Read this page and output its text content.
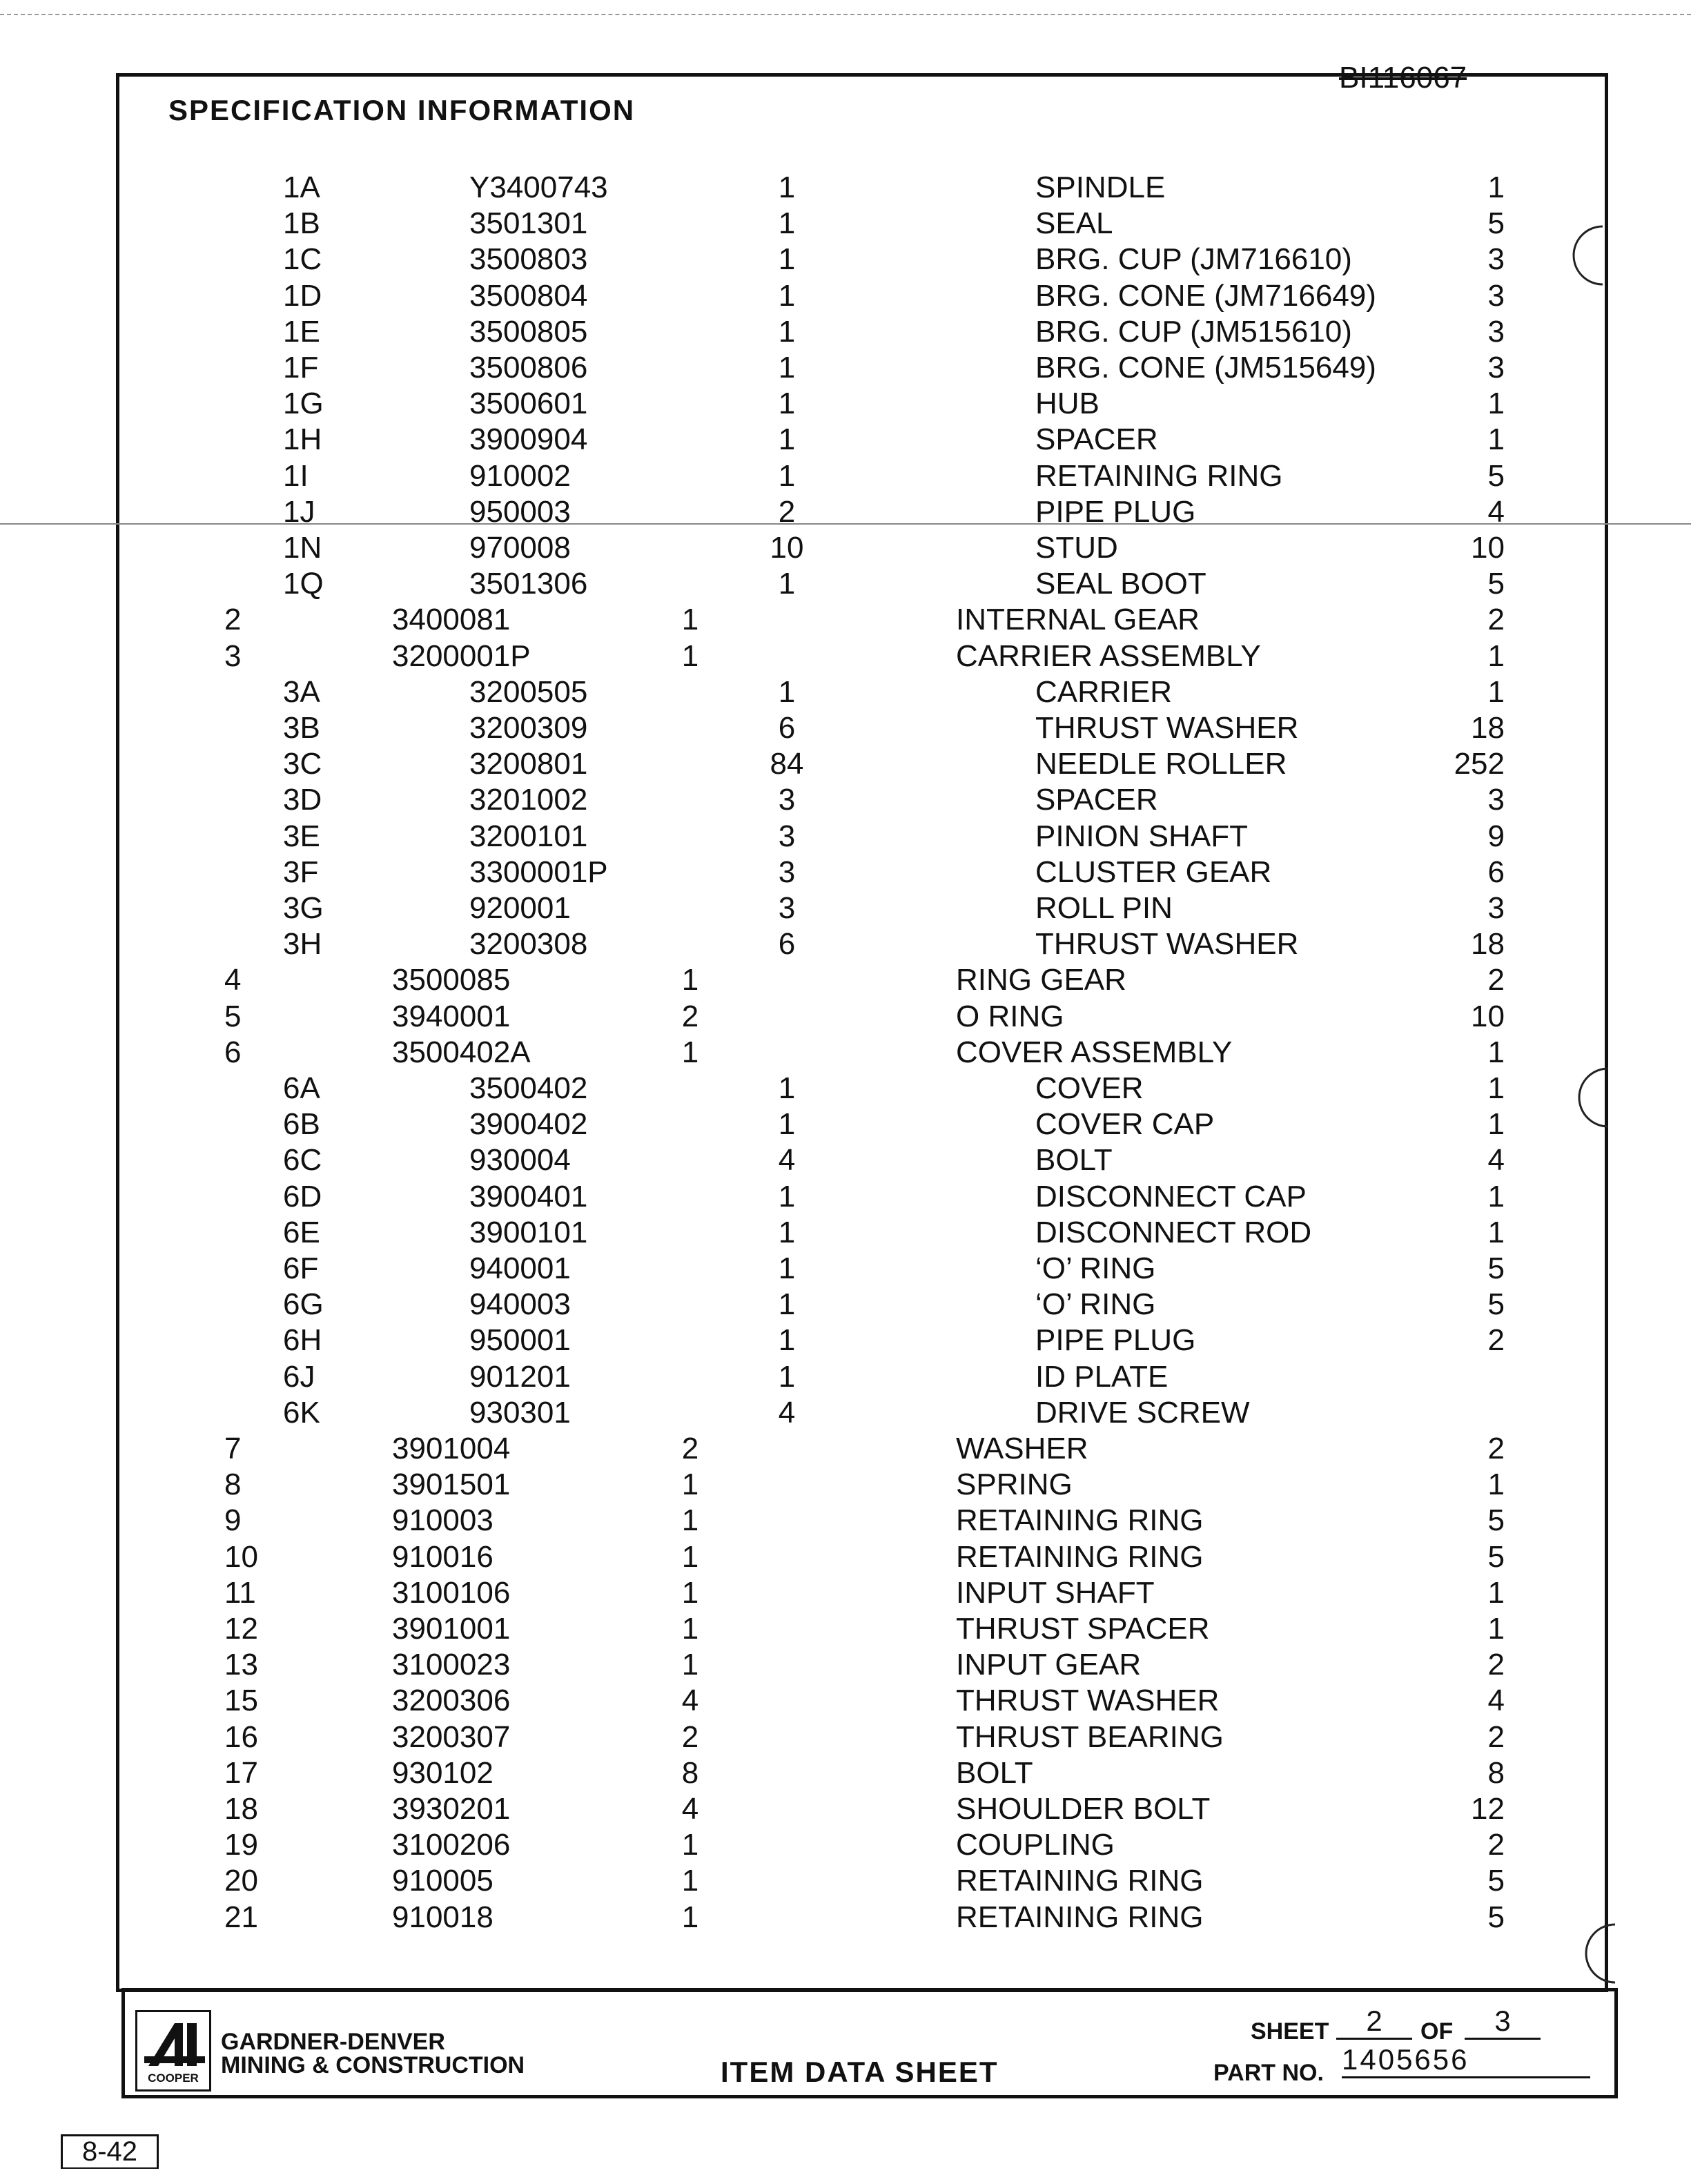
BI116067
SPECIFICATION INFORMATION
1A	Y3400743	1	SPINDLE	1
1B	3501301	1	SEAL	5
1C	3500803	1	BRG. CUP (JM716610)	3
1D	3500804	1	BRG. CONE (JM716649)	3
1E	3500805	1	BRG. CUP (JM515610)	3
1F	3500806	1	BRG. CONE (JM515649)	3
1G	3500601	1	HUB	1
1H	3900904	1	SPACER	1
1I	910002	1	RETAINING RING	5
1J	950003	2	PIPE PLUG	4
1N	970008	10	STUD	10
1Q	3501306	1	SEAL BOOT	5
2	3400081	1	INTERNAL GEAR	2
3	3200001P	1	CARRIER ASSEMBLY	1
3A	3200505	1	CARRIER	1
3B	3200309	6	THRUST WASHER	18
3C	3200801	84	NEEDLE ROLLER	252
3D	3201002	3	SPACER	3
3E	3200101	3	PINION SHAFT	9
3F	3300001P	3	CLUSTER GEAR	6
3G	920001	3	ROLL PIN	3
3H	3200308	6	THRUST WASHER	18
4	3500085	1	RING GEAR	2
5	3940001	2	O RING	10
6	3500402A	1	COVER ASSEMBLY	1
6A	3500402	1	COVER	1
6B	3900402	1	COVER CAP	1
6C	930004	4	BOLT	4
6D	3900401	1	DISCONNECT CAP	1
6E	3900101	1	DISCONNECT ROD	1
6F	940001	1	‘O’ RING	5
6G	940003	1	‘O’ RING	5
6H	950001	1	PIPE PLUG	2
6J	901201	1	ID PLATE
6K	930301	4	DRIVE SCREW
7	3901004	2	WASHER	2
8	3901501	1	SPRING	1
9	910003	1	RETAINING RING	5
10	910016	1	RETAINING RING	5
11	3100106	1	INPUT SHAFT	1
12	3901001	1	THRUST SPACER	1
13	3100023	1	INPUT GEAR	2
15	3200306	4	THRUST WASHER	4
16	3200307	2	THRUST BEARING	2
17	930102	8	BOLT	8
18	3930201	4	SHOULDER BOLT	12
19	3100206	1	COUPLING	2
20	910005	1	RETAINING RING	5
21	910018	1	RETAINING RING	5
COOPER
GARDNER-DENVER
MINING & CONSTRUCTION	ITEM DATA SHEET
SHEET	2	OF	3
PART NO. 1405656
8-42
